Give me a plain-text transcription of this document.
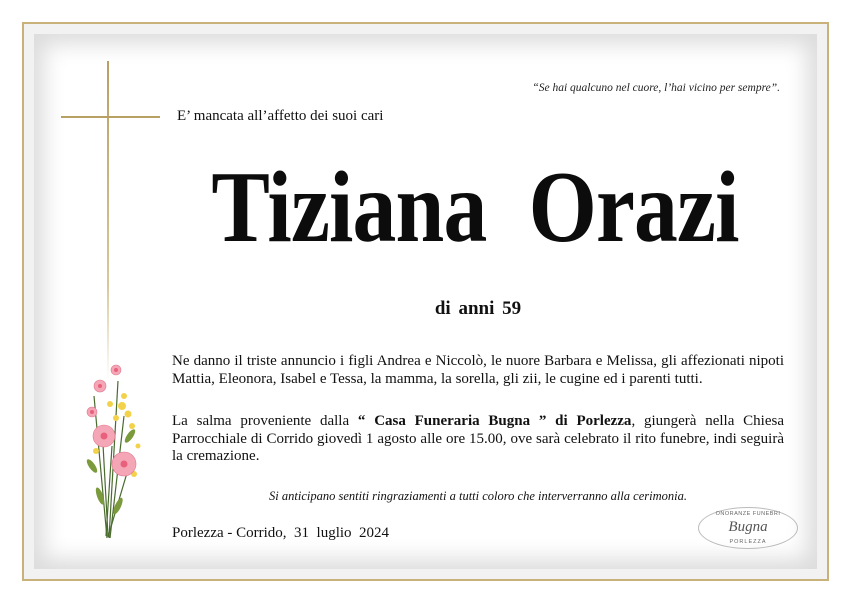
“Se hai qualcuno nel cuore, l’hai vicino per sempre”.
E’ mancata all’affetto dei suoi cari
Tiziana  Orazi
di anni 59
Ne danno il triste annuncio i figli Andrea e Niccolò, le nuore Barbara e Melissa, gli affezionati nipoti Mattia, Eleonora, Isabel e Tessa, la mamma, la sorella, gli zii, le cugine ed i parenti tutti.
La salma proveniente dalla “ Casa Funeraria Bugna ” di Porlezza, giungerà nella Chiesa Parrocchiale di Corrido giovedì 1 agosto alle ore 15.00, ove sarà celebrato il rito funebre, indi seguirà la cremazione.
Si anticipano sentiti ringraziamenti a tutti coloro che interverranno alla cerimonia.
Porlezza - Corrido,  31  luglio  2024
ONORANZE FUNEBRI
Bugna
PORLEZZA
